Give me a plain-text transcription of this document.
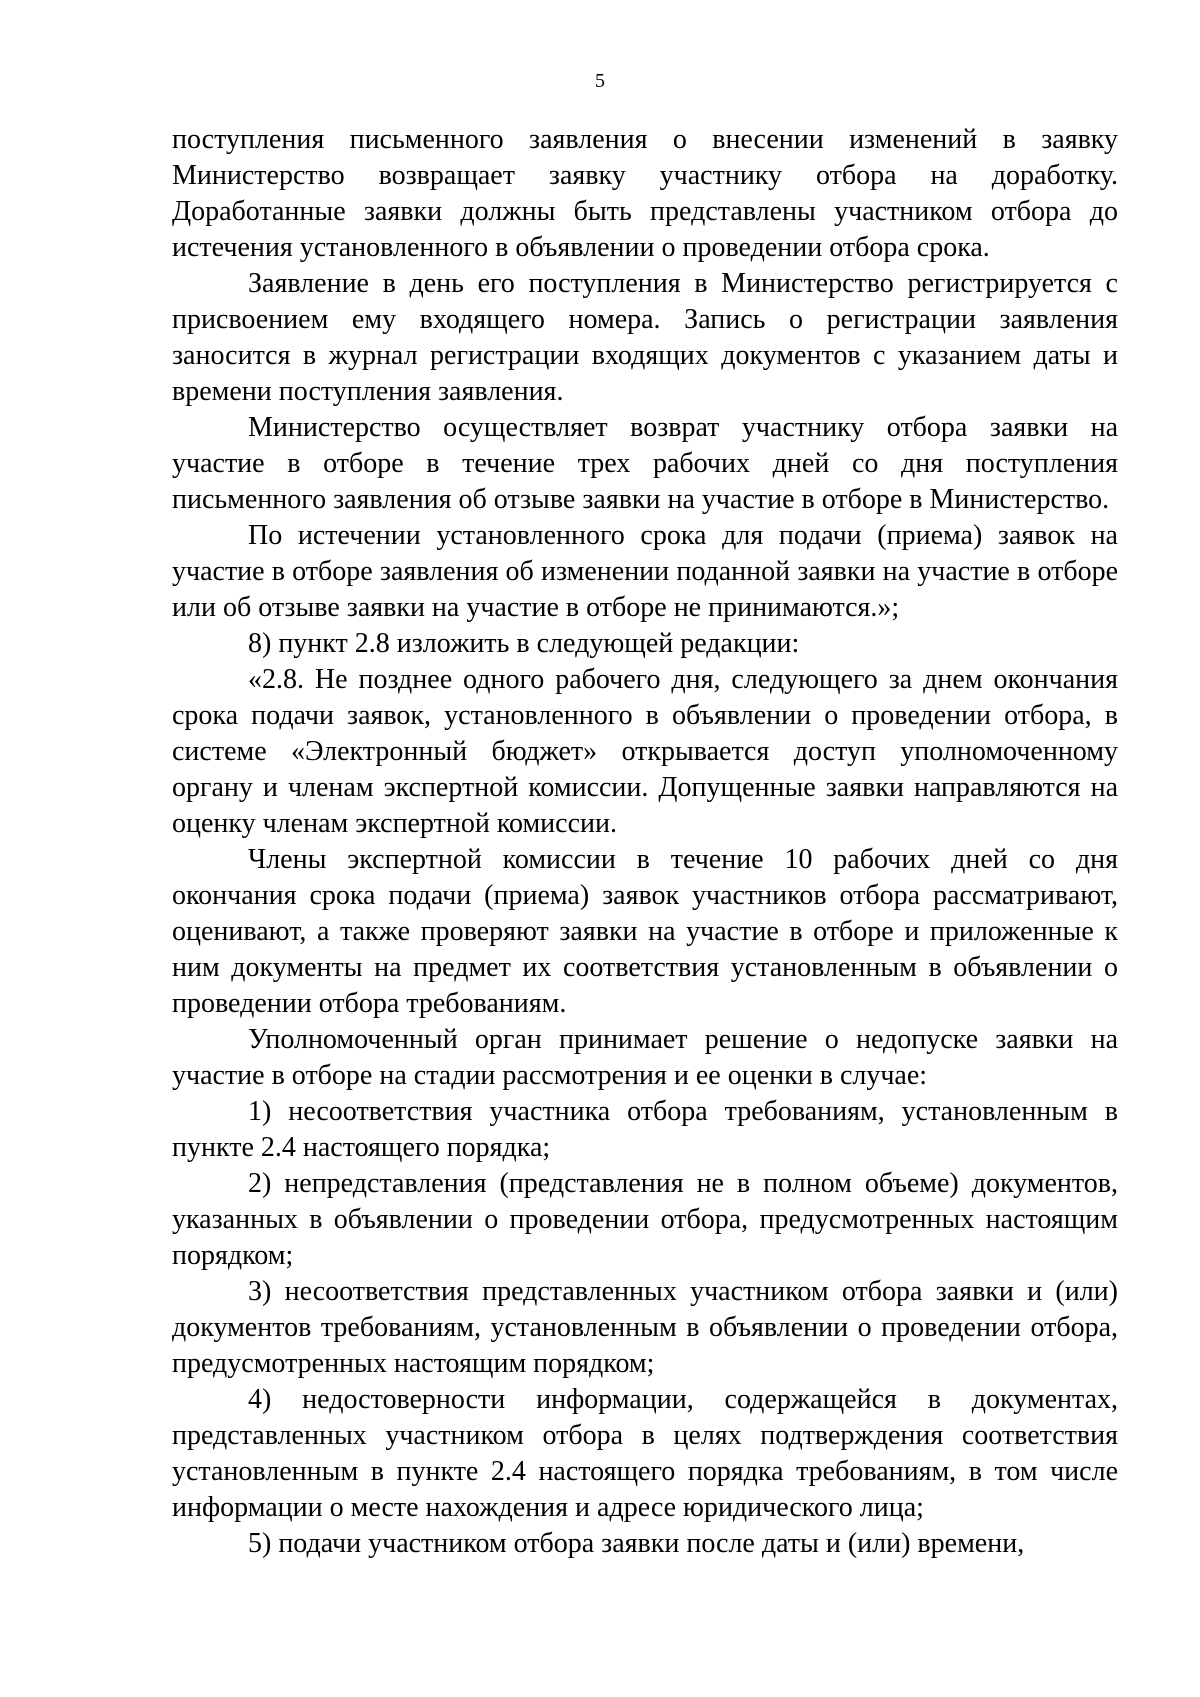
5

поступления письменного заявления о внесении изменений в заявку Министерство возвращает заявку участнику отбора на доработку. Доработанные заявки должны быть представлены участником отбора до истечения установленного в объявлении о проведении отбора срока.

Заявление в день его поступления в Министерство регистрируется с присвоением ему входящего номера. Запись о регистрации заявления заносится в журнал регистрации входящих документов с указанием даты и времени поступления заявления.

Министерство осуществляет возврат участнику отбора заявки на участие в отборе в течение трех рабочих дней со дня поступления письменного заявления об отзыве заявки на участие в отборе в Министерство.

По истечении установленного срока для подачи (приема) заявок на участие в отборе заявления об изменении поданной заявки на участие в отборе или об отзыве заявки на участие в отборе не принимаются.»;

8) пункт 2.8 изложить в следующей редакции:

«2.8. Не позднее одного рабочего дня, следующего за днем окончания срока подачи заявок, установленного в объявлении о проведении отбора, в системе «Электронный бюджет» открывается доступ уполномоченному органу и членам экспертной комиссии. Допущенные заявки направляются на оценку членам экспертной комиссии.

Члены экспертной комиссии в течение 10 рабочих дней со дня окончания срока подачи (приема) заявок участников отбора рассматривают, оценивают, а также проверяют заявки на участие в отборе и приложенные к ним документы на предмет их соответствия установленным в объявлении о проведении отбора требованиям.

Уполномоченный орган принимает решение о недопуске заявки на участие в отборе на стадии рассмотрения и ее оценки в случае:

1) несоответствия участника отбора требованиям, установленным в пункте 2.4 настоящего порядка;

2) непредставления (представления не в полном объеме) документов, указанных в объявлении о проведении отбора, предусмотренных настоящим порядком;

3) несоответствия представленных участником отбора заявки и (или) документов требованиям, установленным в объявлении о проведении отбора, предусмотренных настоящим порядком;

4) недостоверности информации, содержащейся в документах, представленных участником отбора в целях подтверждения соответствия установленным в пункте 2.4 настоящего порядка требованиям, в том числе информации о месте нахождения и адресе юридического лица;

5) подачи участником отбора заявки после даты и (или) времени,
